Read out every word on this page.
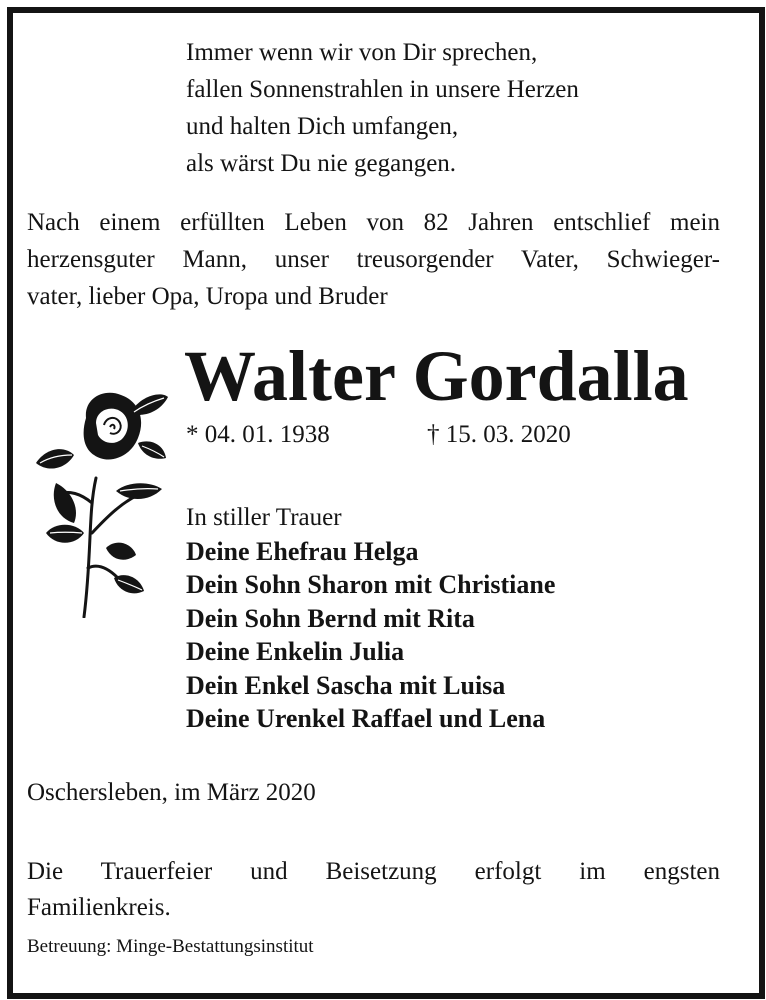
Immer wenn wir von Dir sprechen,
fallen Sonnenstrahlen in unsere Herzen
und halten Dich umfangen,
als wärst Du nie gegangen.
Nach einem erfüllten Leben von 82 Jahren entschlief mein
herzensguter Mann, unser treusorgender Vater, Schwieger-
vater, lieber Opa, Uropa und Bruder
Walter Gordalla
* 04. 01. 1938	† 15. 03. 2020
In stiller Trauer
Deine Ehefrau Helga
Dein Sohn Sharon mit Christiane
Dein Sohn Bernd mit Rita
Deine Enkelin Julia
Dein Enkel Sascha mit Luisa
Deine Urenkel Raffael und Lena
Oschersleben, im März 2020
Die Trauerfeier und Beisetzung erfolgt im engsten
Familienkreis.
Betreuung: Minge-Bestattungsinstitut
